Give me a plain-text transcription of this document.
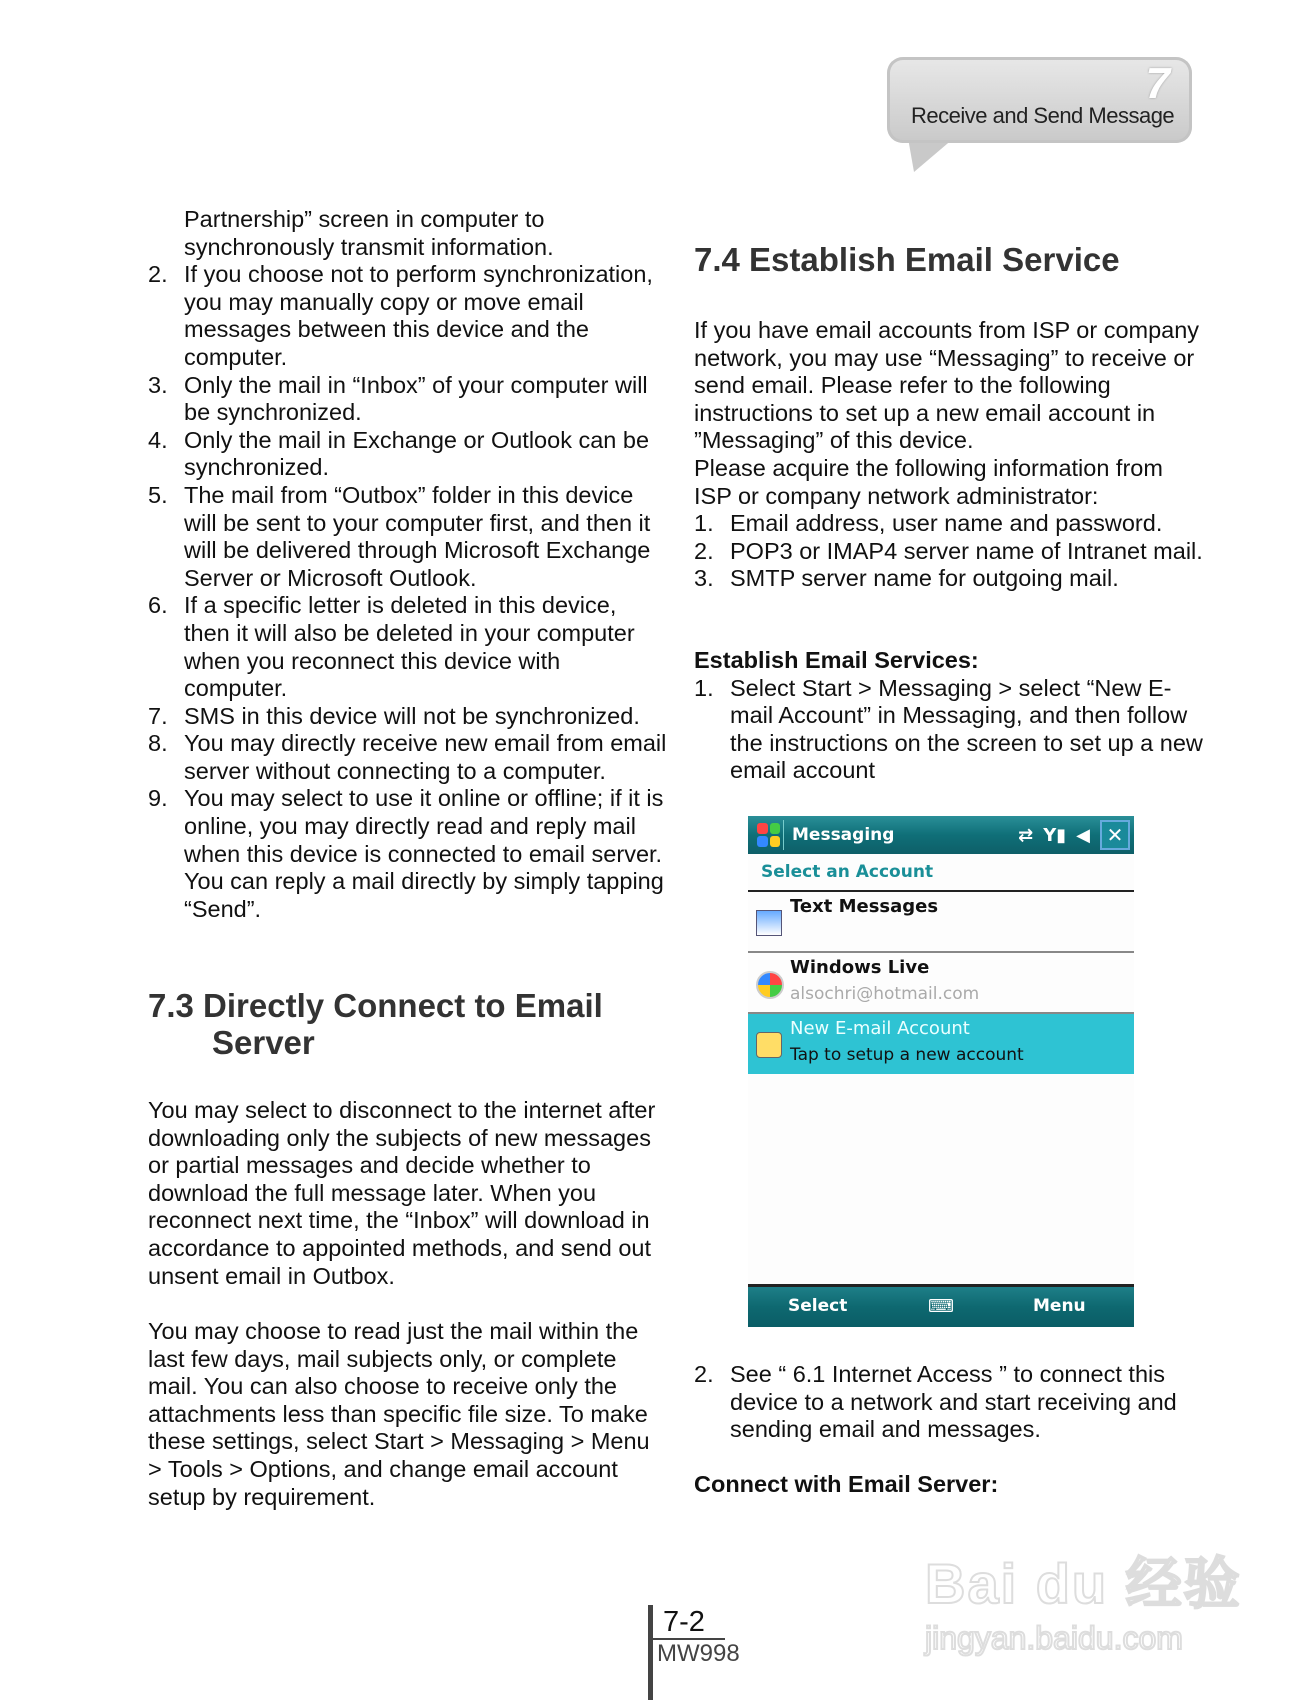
7
Receive and Send Message
Partnership” screen in computer to
synchronously transmit information.
2. If you choose not to perform synchronization, you may manually copy or move email messages between this device and the computer.
3. Only the mail in “Inbox” of your computer will be synchronized.
4. Only the mail in Exchange or Outlook can be synchronized.
5. The mail from “Outbox” folder in this device will be sent to your computer first, and then it will be delivered through Microsoft Exchange Server or Microsoft Outlook.
6. If a specific letter is deleted in this device, then it will also be deleted in your computer when you reconnect this device with computer.
7. SMS in this device will not be synchronized.
8. You may directly receive new email from email server without connecting to a computer.
9. You may select to use it online or offline; if it is online, you may directly read and reply mail when this device is connected to email server. You can reply a mail directly by simply tapping “Send”.
7.3 Directly Connect to Email
Server

You may select to disconnect to the internet after downloading only the subjects of new messages or partial messages and decide whether to download the full message later. When you reconnect next time, the “Inbox” will download in accordance to appointed methods, and send out unsent email in Outbox.

You may choose to read just the mail within the last few days, mail subjects only, or complete mail. You can also choose to receive only the attachments less than specific file size. To make these settings, select Start > Messaging > Menu > Tools > Options, and change email account setup by requirement.

7.4 Establish Email Service

If you have email accounts from ISP or company network, you may use “Messaging” to receive or send email. Please refer to the following instructions to set up a new email account in ”Messaging” of this device.

Please acquire the following information from ISP or company network administrator:

1. Email address, user name and password.
2. POP3 or IMAP4 server name of Intranet mail.
3. SMTP server name for outgoing mail.

Establish Email Services:

1. Select Start > Messaging > select “New E-mail Account” in Messaging, and then follow the instructions on the screen to set up a new email account
Messaging	⇄ Y▮ ◀︎ ✕
Select an Account
Text Messages
Windows Live
alsochri@hotmail.com
New E-mail Account
Tap to setup a new account
Select	⌨	Menu
2. See “ 6.1 Internet Access ” to connect this device to a network and start receiving and sending email and messages.

Connect with Email Server:

Bai du 经验
jingyan.baidu.com
7-2
MW998
